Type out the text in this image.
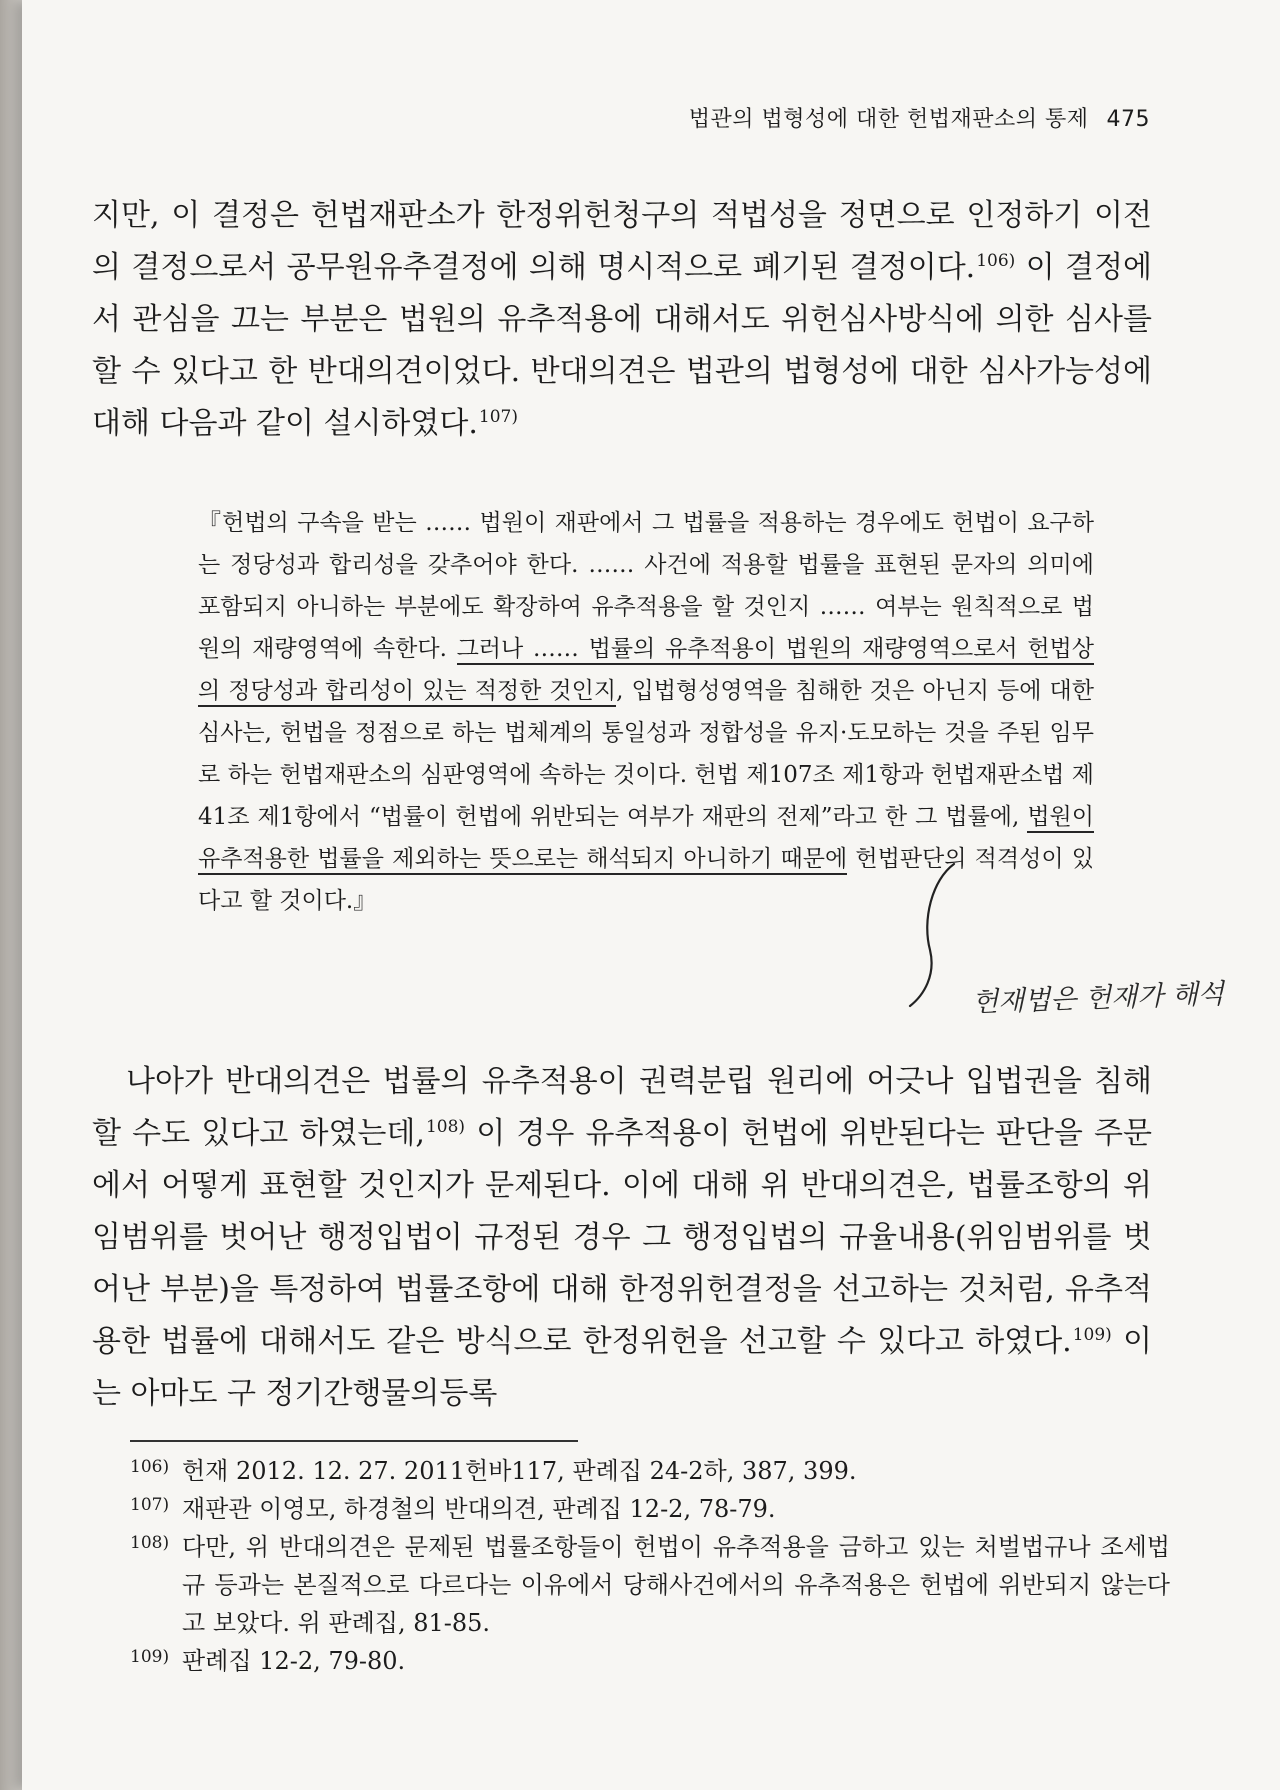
법관의 법형성에 대한 헌법재판소의 통제 475
지만, 이 결정은 헌법재판소가 한정위헌청구의 적법성을 정면으로 인정하기 이전의 결정으로서 공무원유추결정에 의해 명시적으로 폐기된 결정이다.$^{106)}$ 이 결정에서 관심을 끄는 부분은 법원의 유추적용에 대해서도 위헌심사방식에 의한 심사를 할 수 있다고 한 반대의견이었다. 반대의견은 법관의 법형성에 대한 심사가능성에 대해 다음과 같이 설시하였다.$^{107)}$
『헌법의 구속을 받는 …… 법원이 재판에서 그 법률을 적용하는 경우에도 헌법이 요구하는 정당성과 합리성을 갖추어야 한다. …… 사건에 적용할 법률을 표현된 문자의 의미에 포함되지 아니하는 부분에도 확장하여 유추적용을 할 것인지 …… 여부는 원칙적으로 법원의 재량영역에 속한다. 그러나 …… 법률의 유추적용이 법원의 재량영역으로서 헌법상의 정당성과 합리성이 있는 적정한 것인지, 입법형성영역을 침해한 것은 아닌지 등에 대한 심사는, 헌법을 정점으로 하는 법체계의 통일성과 정합성을 유지·도모하는 것을 주된 임무로 하는 헌법재판소의 심판영역에 속하는 것이다. 헌법 제107조 제1항과 헌법재판소법 제41조 제1항에서 “법률이 헌법에 위반되는 여부가 재판의 전제”라고 한 그 법률에, 법원이 유추적용한 법률을 제외하는 뜻으로는 해석되지 아니하기 때문에 헌법판단의 적격성이 있다고 할 것이다.』
헌재법은 헌재가 해석
나아가 반대의견은 법률의 유추적용이 권력분립 원리에 어긋나 입법권을 침해할 수도 있다고 하였는데,$^{108)}$ 이 경우 유추적용이 헌법에 위반된다는 판단을 주문에서 어떻게 표현할 것인지가 문제된다. 이에 대해 위 반대의견은, 법률조항의 위임범위를 벗어난 행정입법이 규정된 경우 그 행정입법의 규율내용(위임범위를 벗어난 부분)을 특정하여 법률조항에 대해 한정위헌결정을 선고하는 것처럼, 유추적용한 법률에 대해서도 같은 방식으로 한정위헌을 선고할 수 있다고 하였다.$^{109)}$ 이는 아마도 구 정기간행물의등록
106) 헌재 2012. 12. 27. 2011헌바117, 판례집 24-2하, 387, 399.
107) 재판관 이영모, 하경철의 반대의견, 판례집 12-2, 78-79.
108) 다만, 위 반대의견은 문제된 법률조항들이 헌법이 유추적용을 금하고 있는 처벌법규나 조세법규 등과는 본질적으로 다르다는 이유에서 당해사건에서의 유추적용은 헌법에 위반되지 않는다고 보았다. 위 판례집, 81-85.
109) 판례집 12-2, 79-80.
